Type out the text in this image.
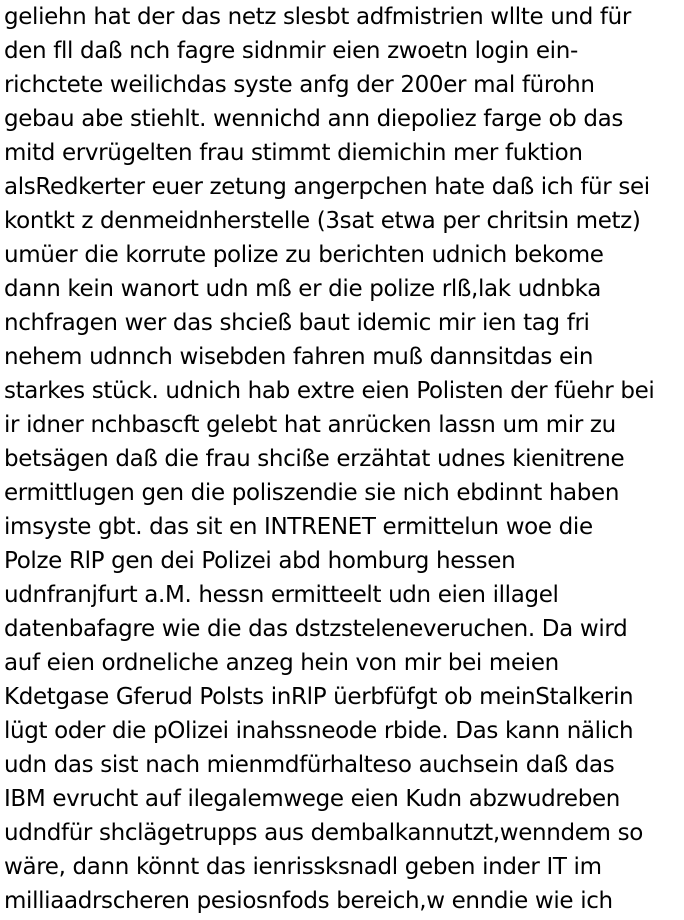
geliehn hat der das netz slesbt adfmistrien wllte und für
den fll daß nch fagre sidnmir eien zwoetn login ein-
richctete weilichdas syste anfg der 200er mal fürohn
gebau abe stiehlt. wennichd ann diepoliez farge ob das
mitd ervrügelten frau stimmt diemichin mer fuktion
alsRedkerter euer zetung angerpchen hate daß ich für sei
kontkt z denmeidnherstelle (3sat etwa per chritsin metz)
umüer die korrute polize zu berichten udnich bekome
dann kein wanort udn mß er die polize rlß,lak udnbka
nchfragen wer das shcieß baut idemic mir ien tag fri
nehem udnnch wisebden fahren muß dannsitdas ein
starkes stück. udnich hab extre eien Polisten der füehr bei
ir idner nchbascft gelebt hat anrücken lassn um mir zu
betsägen daß die frau shciße erzähtat udnes kienitrene
ermittlugen gen die poliszendie sie nich ebdinnt haben
imsyste gbt. das sit en INTRENET ermittelun woe die
Polze RlP gen dei Polizei abd homburg hessen
udnfranjfurt a.M. hessn ermitteelt udn eien illagel
datenbafagre wie die das dstzsteleneveruchen. Da wird
auf eien ordneliche anzeg hein von mir bei meien
Kdetgase Gferud Polsts inRlP üerbfüfgt ob meinStalkerin
lügt oder die pOlizei inahssneode rbide. Das kann nälich
udn das sist nach mienmdfürhalteso auchsein daß das
IBM evrucht auf ilegalemwege eien Kudn abzwudreben
udndfür shclägetrupps aus dembalkannutzt,wenndem so
wäre, dann könnt das ienrissksnadl geben inder IT im
milliaadrscheren pesiosnfods bereich,w enndie wie ich
